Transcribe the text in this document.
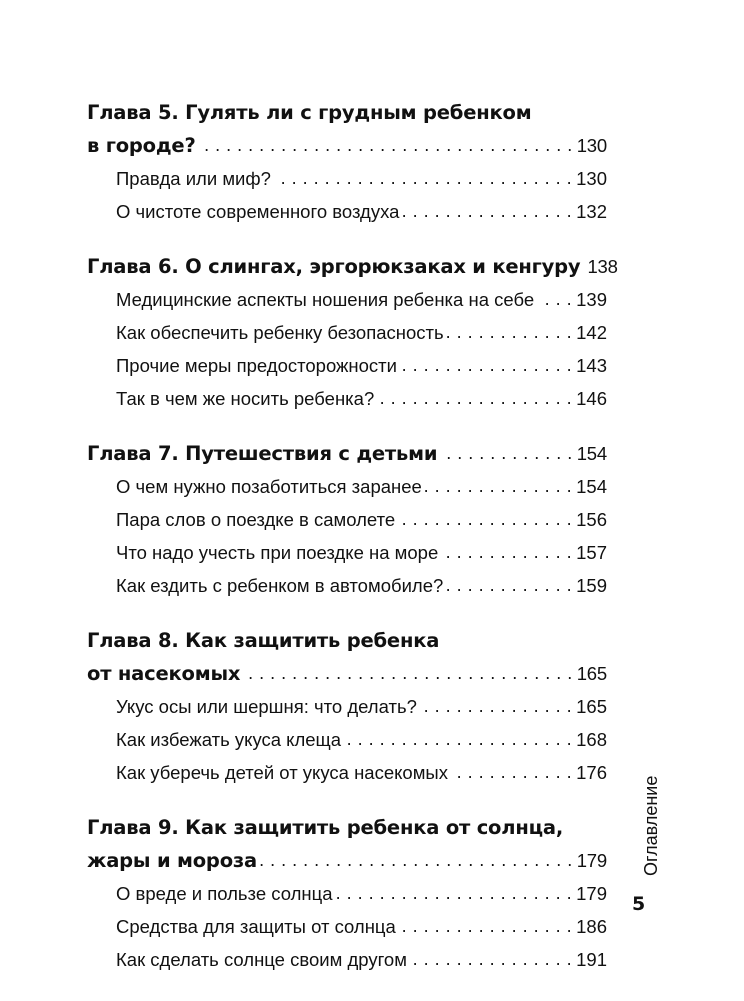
Глава 5. Гулять ли с грудным ребенком
в городе? . . .	130
Правда или миф? . . .	130
О чистоте современного воздуха . . .	132
Глава 6. О слингах, эргорюкзаках и кенгуру 138
Медицинские аспекты ношения ребенка на себе . . . 139
Как обеспечить ребенку безопасность . . .	142
Прочие меры предосторожности . . .	143
Так в чем же носить ребенка? . . .	146
Глава 7. Путешествия с детьми . . .	154
О чем нужно позаботиться заранее . . .	154
Пара слов о поездке в самолете . . .	156
Что надо учесть при поездке на море . . .	157
Как ездить с ребенком в автомобиле? . . .	159
Глава 8. Как защитить ребенка
от насекомых . . .	165
Укус осы или шершня: что делать? . . .	165
Как избежать укуса клеща . . .	168
Как уберечь детей от укуса насекомых . . .	176
Глава 9. Как защитить ребенка от солнца,
жары и мороза . . .	179
О вреде и пользе солнца . . .	179
Средства для защиты от солнца . . .	186
Как сделать солнце своим другом . . .	191
Оглавление
5
